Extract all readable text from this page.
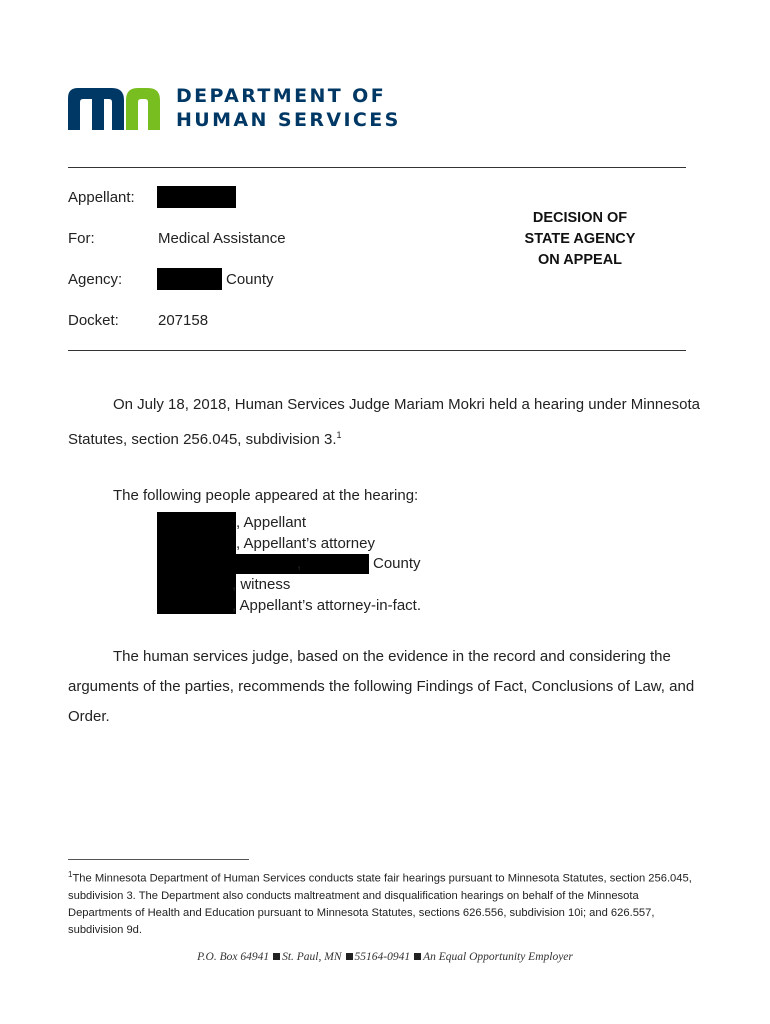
DEPARTMENT OF
HUMAN SERVICES
Appellant:
For:	Medical Assistance
Agency:	County
Docket:	207158
DECISION OF
STATE AGENCY
ON APPEAL
On July 18, 2018, Human Services Judge Mariam Mokri held a hearing under Minnesota
Statutes, section 256.045, subdivision 3.$^1$
The following people appeared at the hearing:
, Appellant
, Appellant’s attorney
,	County
, witness
, Appellant’s attorney-in-fact.
The human services judge, based on the evidence in the record and considering the
arguments of the parties, recommends the following Findings of Fact, Conclusions of Law, and
Order.
$^1$The Minnesota Department of Human Services conducts state fair hearings pursuant to Minnesota Statutes, section 256.045, subdivision 3. The Department also conducts maltreatment and disqualification hearings on behalf of the Minnesota Departments of Health and Education pursuant to Minnesota Statutes, sections 626.556, subdivision 10i; and 626.557, subdivision 9d.
P.O. Box 64941 St. Paul, MN 55164-0941 An Equal Opportunity Employer
